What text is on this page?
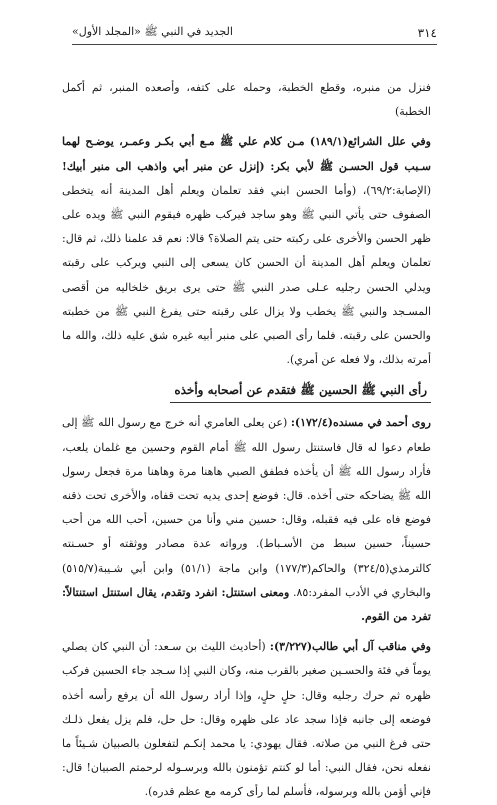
٣١٤
الجديد في النبي ﷺ «المجلد الأول»

فنزل من منبره، وقطع الخطبة، وحمله على كتفه، وأصعده المنبر، ثم أكمل الخطبة)

وفي علل الشرائع(١٨٩/١) مـن كلام علي ﷺ مـع أبي بكـر وعمـر، يوضـح لهما سـبب قول الحسـن ﷺ لأبي بكر: (إنزل عن منبر أبي واذهب الى منبر أبيك! (الإصابة:٦٩/٢)، (وأما الحسن ابني فقد تعلمان ويعلم أهل المدينة أنه يتخطى الصفوف حتى يأتي النبي ﷺ وهو ساجد فيركب ظهره فيقوم النبي ﷺ ويده على ظهر الحسن والأخرى على ركبته حتى يتم الصلاة؟ قالا: نعم قد علمنا ذلك، ثم قال: تعلمان ويعلم أهل المدينة أن الحسن كان يسعى إلى النبي ويركب على رقبته ويدلي الحسن رجليه عـلى صدر النبي ﷺ حتى يرى بريق خلخاليه من أقصى المسـجد والنبي ﷺ يخطب ولا يزال على رقبته حتى يفرغ النبي ﷺ من خطبته والحسن على رقبته. فلما رأى الصبي على منبر أبيه غيره شق عليه ذلك، والله ما أمرته بذلك، ولا فعله عن أمري).

رأى النبي ﷺ الحسين ﷺ فتقدم عن أصحابه وأخذه

روى أحمد في مسنده(١٧٢/٤): (عن يعلى العامري أنه خرج مع رسول الله ﷺ إلى طعام دعوا له قال فاستنتل رسول الله ﷺ أمام القوم وحسين مع غلمان يلعب، فأراد رسول الله ﷺ أن يأخذه فطفق الصبي هاهنا مرة وهاهنا مرة فجعل رسول الله ﷺ يضاحكه حتى أخذه. قال: فوضع إحدى يديه تحت قفاه، والأخرى تحت ذقنه فوضع فاه على فيه فقبله، وقال: حسين مني وأنا من حسين، أحب الله من أحب حسيناً، حسين سبط من الأسـباط). ورواته عدة مصادر ووثقته أو حسـنته كالترمذي(٣٢٤/٥) والحاكم(١٧٧/٣) وابن ماجة (٥١/١) وابن أبي شـيبة(٥١٥/٧) والبخاري في الأدب المفرد:٨٥. ومعنى استنتل: انفرد وتقدم، يقال استنتل استنتالاً: تفرد من القوم.

وفي مناقب آل أبي طالب(٣/٢٢٧): (أحاديث الليث بن سـعد: أن النبي كان يصلي يوماً في فئة والحسـين صغير بالقرب منه، وكان النبي إذا سـجد جاء الحسين فركب ظهره ثم حرك رجليه وقال: حلٍ حلٍ، وإذا أراد رسول الله أن يرفع رأسه أخذه فوضعه إلى جانبه فإذا سجد عاد على ظهره وقال: حل حل، فلم يزل يفعل ذلـك حتى فرغ النبي من صلاته. فقال يهودي: يا محمد إنكـم لتفعلون بالصبيان شـيئاً ما نفعله نحن، فقال النبي: أما لو كنتم تؤمنون بالله وبرسـوله لرحمتم الصبيان! قال: فإني أؤمن بالله وبرسوله، فأسلم لما رأى كرمه مع عظم قدره).
